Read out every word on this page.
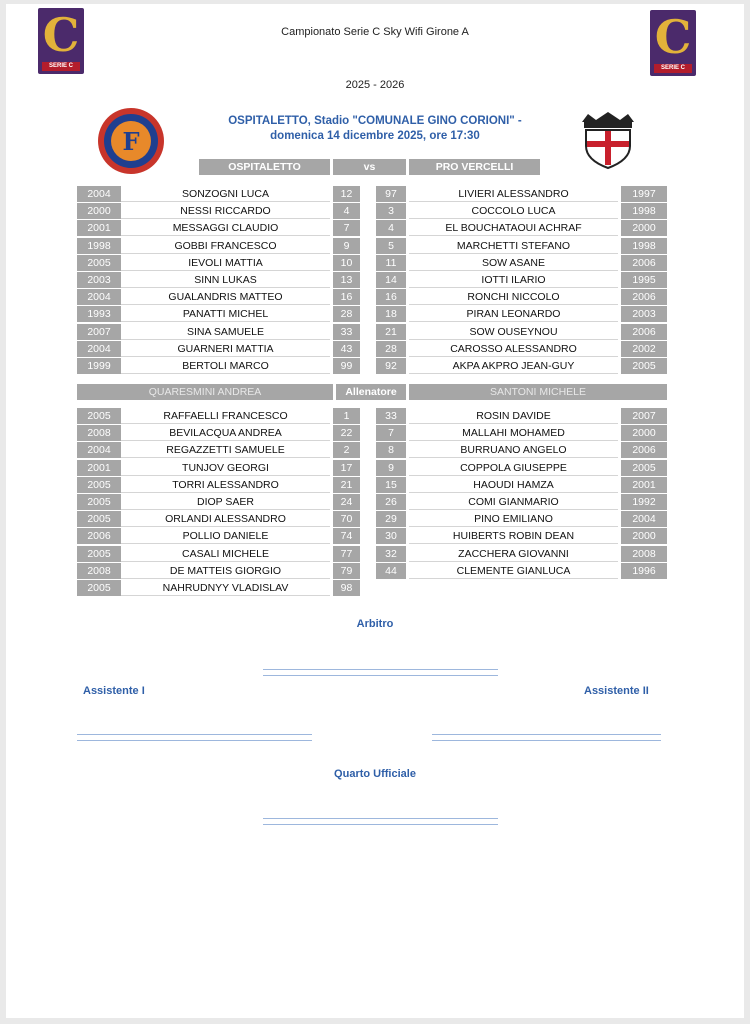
C
SERIE C
C
SERIE C
Campionato Serie C Sky Wifi Girone A
2025 - 2026
OSPITALETTO, Stadio "COMUNALE GINO CORIONI" -
domenica 14 dicembre 2025, ore 17:30
F
OSPITALETTO	vs	PRO VERCELLI
2004	SONZOGNI LUCA	12	97	LIVIERI ALESSANDRO	1997
2000	NESSI RICCARDO	4	3	COCCOLO LUCA	1998
2001	MESSAGGI CLAUDIO	7	4	EL BOUCHATAOUI ACHRAF	2000
1998	GOBBI FRANCESCO	9	5	MARCHETTI STEFANO	1998
2005	IEVOLI MATTIA	10	11	SOW ASANE	2006
2003	SINN LUKAS	13	14	IOTTI ILARIO	1995
2004	GUALANDRIS MATTEO	16	16	RONCHI NICCOLO	2006
1993	PANATTI MICHEL	28	18	PIRAN LEONARDO	2003
2007	SINA SAMUELE	33	21	SOW OUSEYNOU	2006
2004	GUARNERI MATTIA	43	28	CAROSSO ALESSANDRO	2002
1999	BERTOLI MARCO	99	92	AKPA AKPRO JEAN-GUY	2005
QUARESMINI ANDREA	Allenatore	SANTONI MICHELE
2005	RAFFAELLI FRANCESCO	1	33	ROSIN DAVIDE	2007
2008	BEVILACQUA ANDREA	22	7	MALLAHI MOHAMED	2000
2004	REGAZZETTI SAMUELE	2	8	BURRUANO ANGELO	2006
2001	TUNJOV GEORGI	17	9	COPPOLA GIUSEPPE	2005
2005	TORRI ALESSANDRO	21	15	HAOUDI HAMZA	2001
2005	DIOP SAER	24	26	COMI GIANMARIO	1992
2005	ORLANDI ALESSANDRO	70	29	PINO EMILIANO	2004
2006	POLLIO DANIELE	74	30	HUIBERTS ROBIN DEAN	2000
2005	CASALI MICHELE	77	32	ZACCHERA GIOVANNI	2008
2008	DE MATTEIS GIORGIO	79	44	CLEMENTE GIANLUCA	1996
2005	NAHRUDNYY VLADISLAV	98
Arbitro
Assistente I	Assistente II
Quarto Ufficiale
